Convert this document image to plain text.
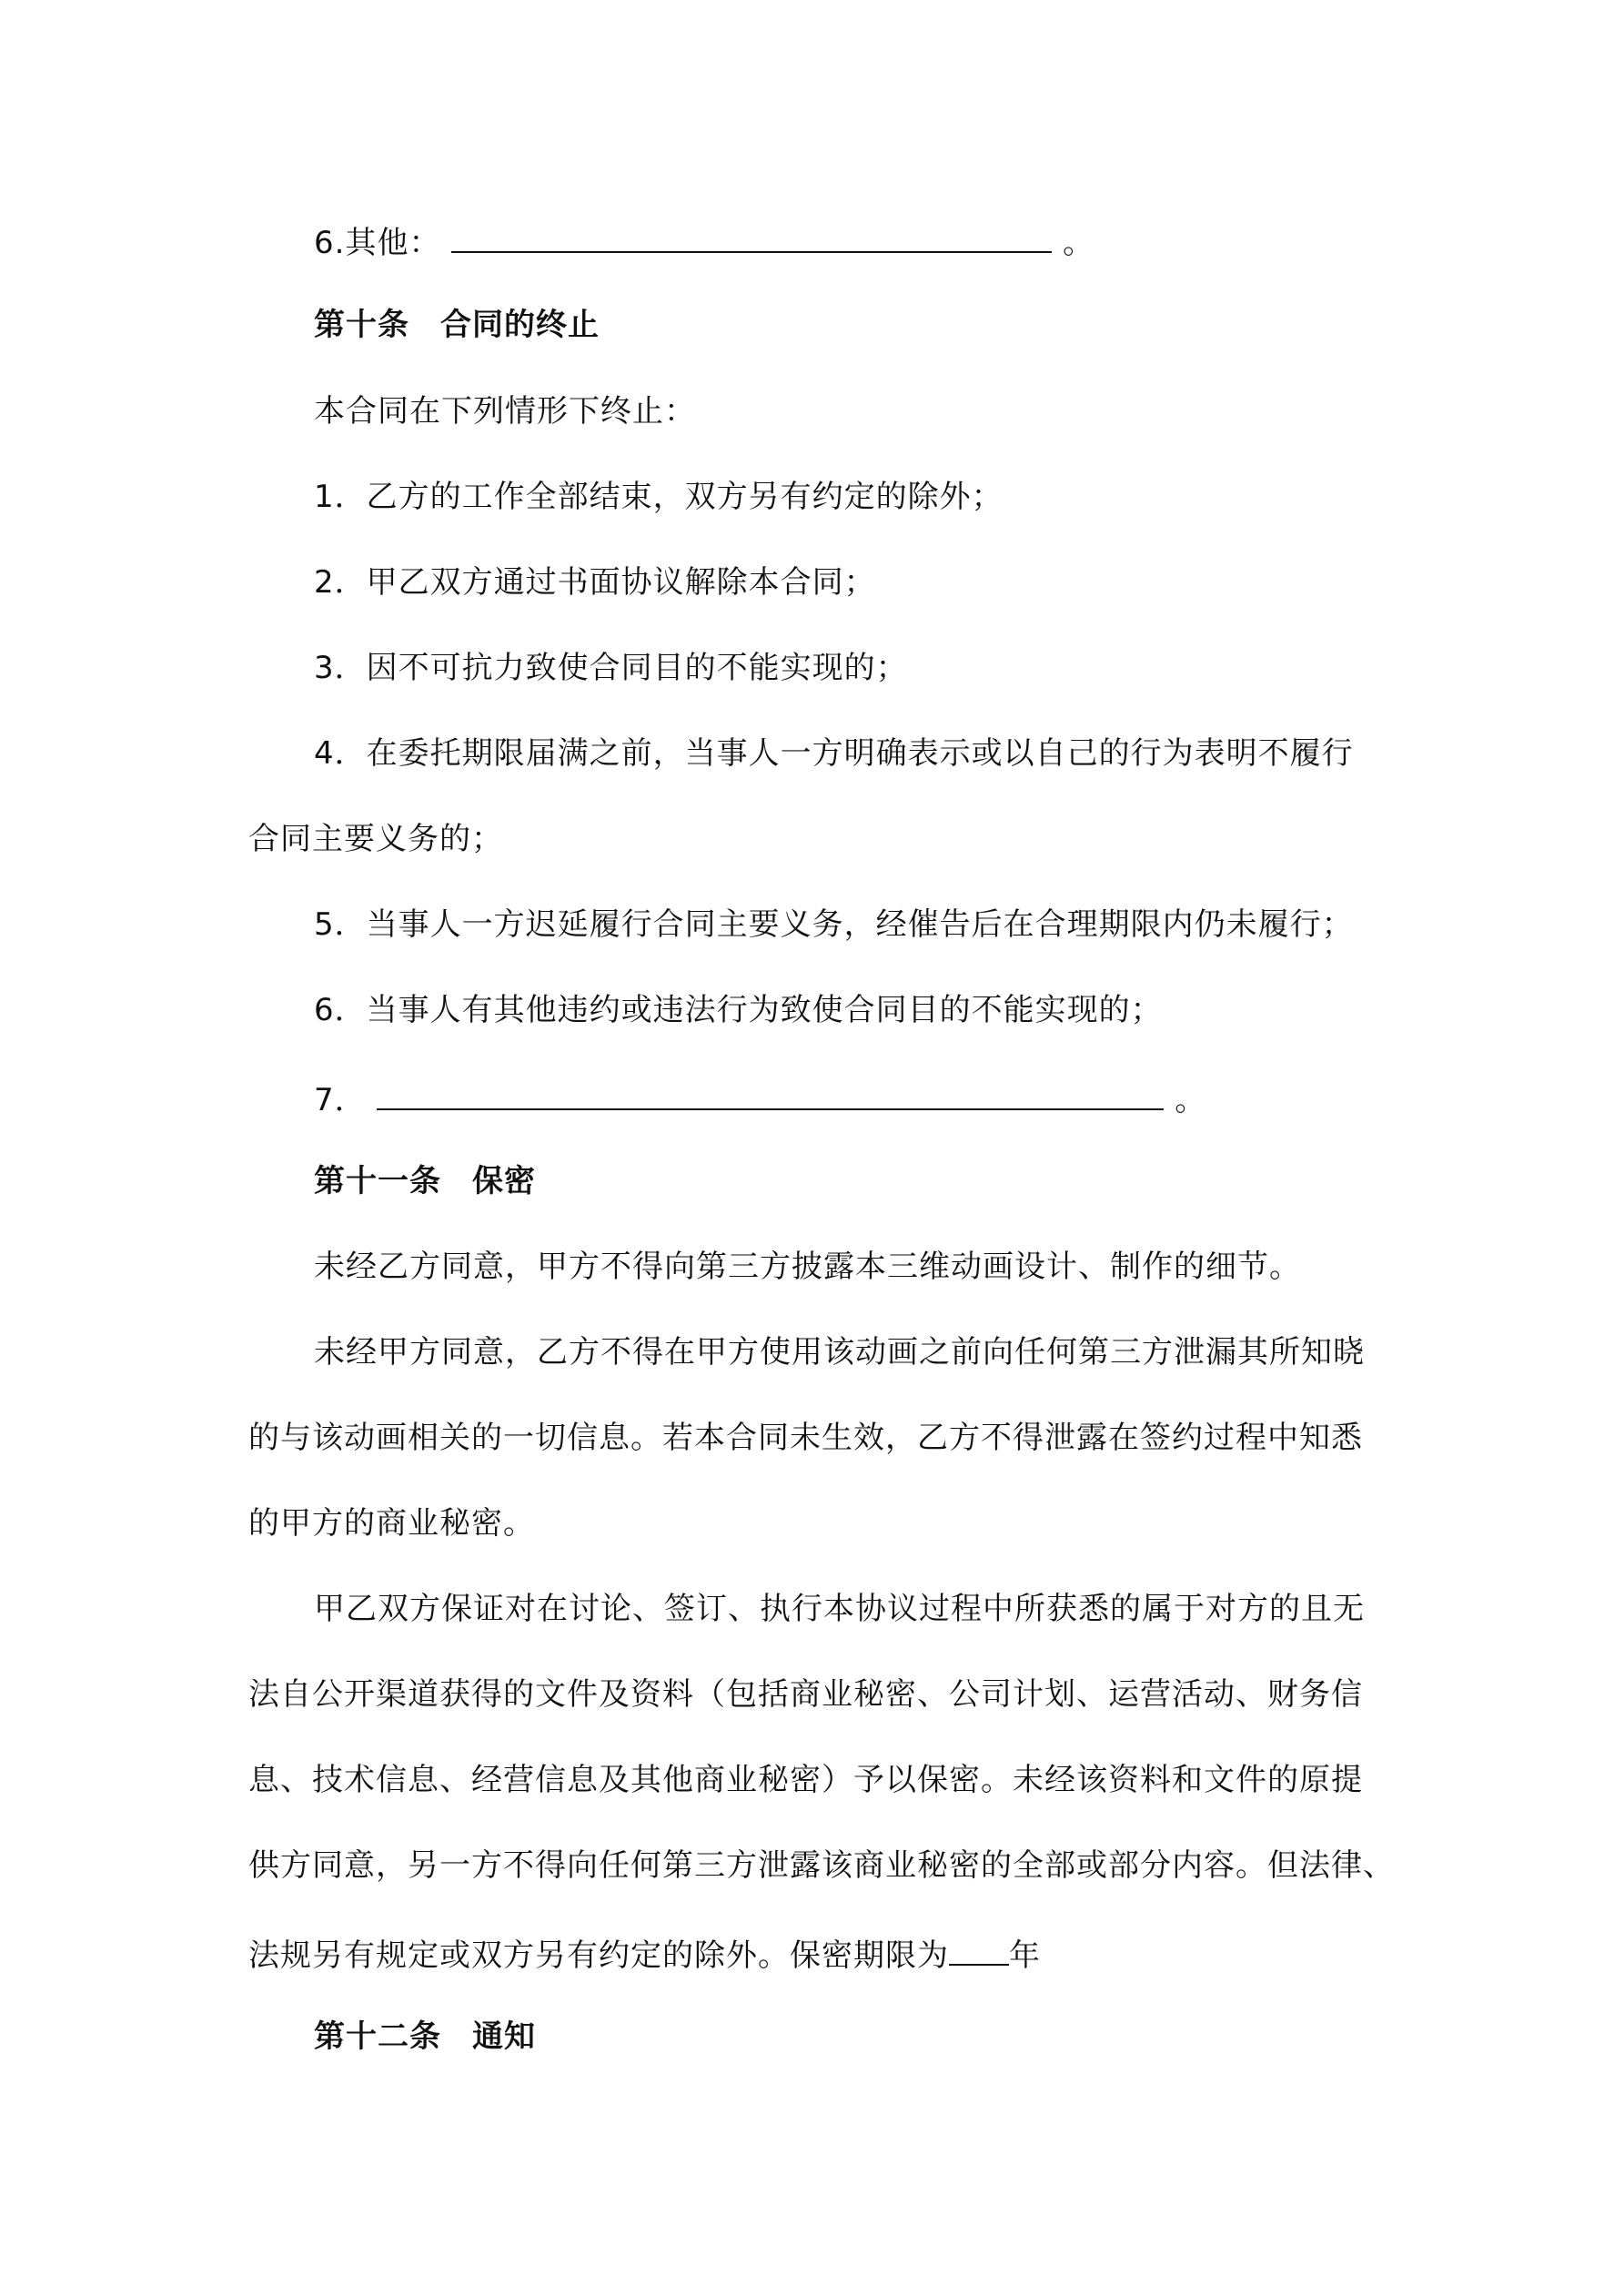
6.其他：	。
第十条 合同的终止
本合同在下列情形下终止：
1．乙方的工作全部结束，双方另有约定的除外；
2．甲乙双方通过书面协议解除本合同；
3．因不可抗力致使合同目的不能实现的；
4．在委托期限届满之前，当事人一方明确表示或以自己的行为表明不履行
合同主要义务的；
5．当事人一方迟延履行合同主要义务，经催告后在合理期限内仍未履行；
6．当事人有其他违约或违法行为致使合同目的不能实现的；
7．	。
第十一条 保密
未经乙方同意，甲方不得向第三方披露本三维动画设计、制作的细节。
未经甲方同意，乙方不得在甲方使用该动画之前向任何第三方泄漏其所知晓
的与该动画相关的一切信息。若本合同未生效，乙方不得泄露在签约过程中知悉
的甲方的商业秘密。
甲乙双方保证对在讨论、签订、执行本协议过程中所获悉的属于对方的且无
法自公开渠道获得的文件及资料（包括商业秘密、公司计划、运营活动、财务信
息、技术信息、经营信息及其他商业秘密）予以保密。未经该资料和文件的原提
供方同意，另一方不得向任何第三方泄露该商业秘密的全部或部分内容。但法律、
法规另有规定或双方另有约定的除外。保密期限为 年
第十二条 通知
